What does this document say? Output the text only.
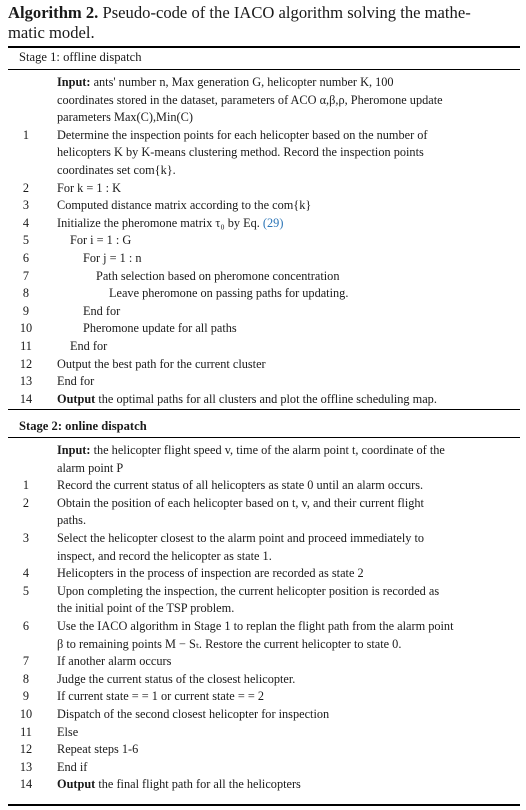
Algorithm 2. Pseudo-code of the IACO algorithm solving the mathe-
matic model.
Stage 1: offline dispatch
Input: ants' number n, Max generation G, helicopter number K, 100
coordinates stored in the dataset, parameters of ACO α,β,ρ, Pheromone update
parameters Max(C),Min(C)
1	Determine the inspection points for each helicopter based on the number of
helicopters K by K-means clustering method. Record the inspection points
coordinates set com{k}.
2	For k = 1 : K
3	Computed distance matrix according to the com{k}
4	Initialize the pheromone matrix τ₀ by Eq. (29)
5	For i = 1 : G
6	For j = 1 : n
7	Path selection based on pheromone concentration
8	Leave pheromone on passing paths for updating.
9	End for
10	Pheromone update for all paths
11	End for
12 Output the best path for the current cluster
13 End for
14 Output the optimal paths for all clusters and plot the offline scheduling map.
Stage 2: online dispatch
Input: the helicopter flight speed v, time of the alarm point t, coordinate of the
alarm point P
1	Record the current status of all helicopters as state 0 until an alarm occurs.
2	Obtain the position of each helicopter based on t, v, and their current flight
paths.
3	Select the helicopter closest to the alarm point and proceed immediately to
inspect, and record the helicopter as state 1.
4	Helicopters in the process of inspection are recorded as state 2
5	Upon completing the inspection, the current helicopter position is recorded as
the initial point of the TSP problem.
6	Use the IACO algorithm in Stage 1 to replan the flight path from the alarm point
β to remaining points M − Sₜ. Restore the current helicopter to state 0.
7	If another alarm occurs
8	Judge the current status of the closest helicopter.
9	If current state = = 1 or current state = = 2
10 Dispatch of the second closest helicopter for inspection
11 Else
12 Repeat steps 1-6
13 End if
14 Output the final flight path for all the helicopters
